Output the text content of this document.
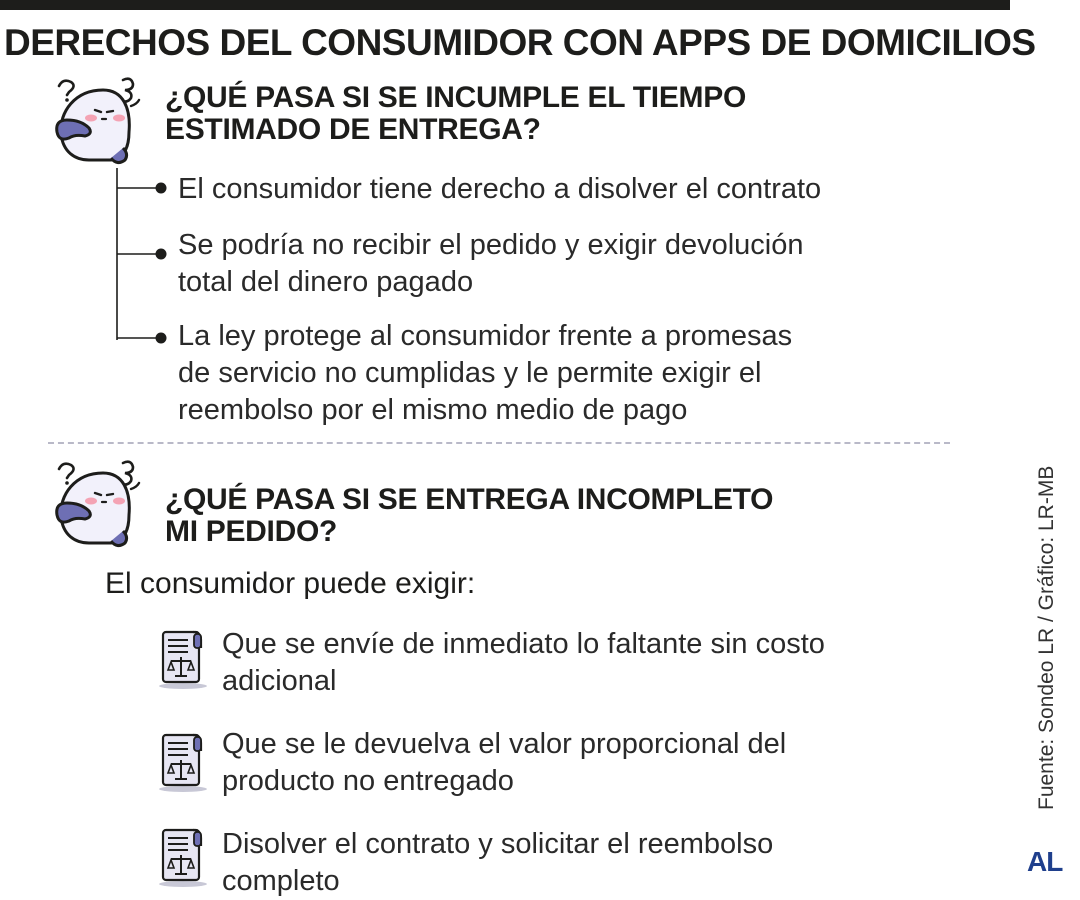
DERECHOS DEL CONSUMIDOR CON APPS DE DOMICILIOS
¿QUÉ PASA SI SE INCUMPLE EL TIEMPO
ESTIMADO DE ENTREGA?
El consumidor tiene derecho a disolver el contrato
Se podría no recibir el pedido y exigir devolución
total del dinero pagado
La ley protege al consumidor frente a promesas
de servicio no cumplidas y le permite exigir el
reembolso por el mismo medio de pago
¿QUÉ PASA SI SE ENTREGA INCOMPLETO
MI PEDIDO?
El consumidor puede exigir:
Que se envíe de inmediato lo faltante sin costo
adicional
Que se le devuelva el valor proporcional del
producto no entregado
Disolver el contrato y solicitar el reembolso
completo
Fuente: Sondeo LR / Gráfico: LR-MB
AL
